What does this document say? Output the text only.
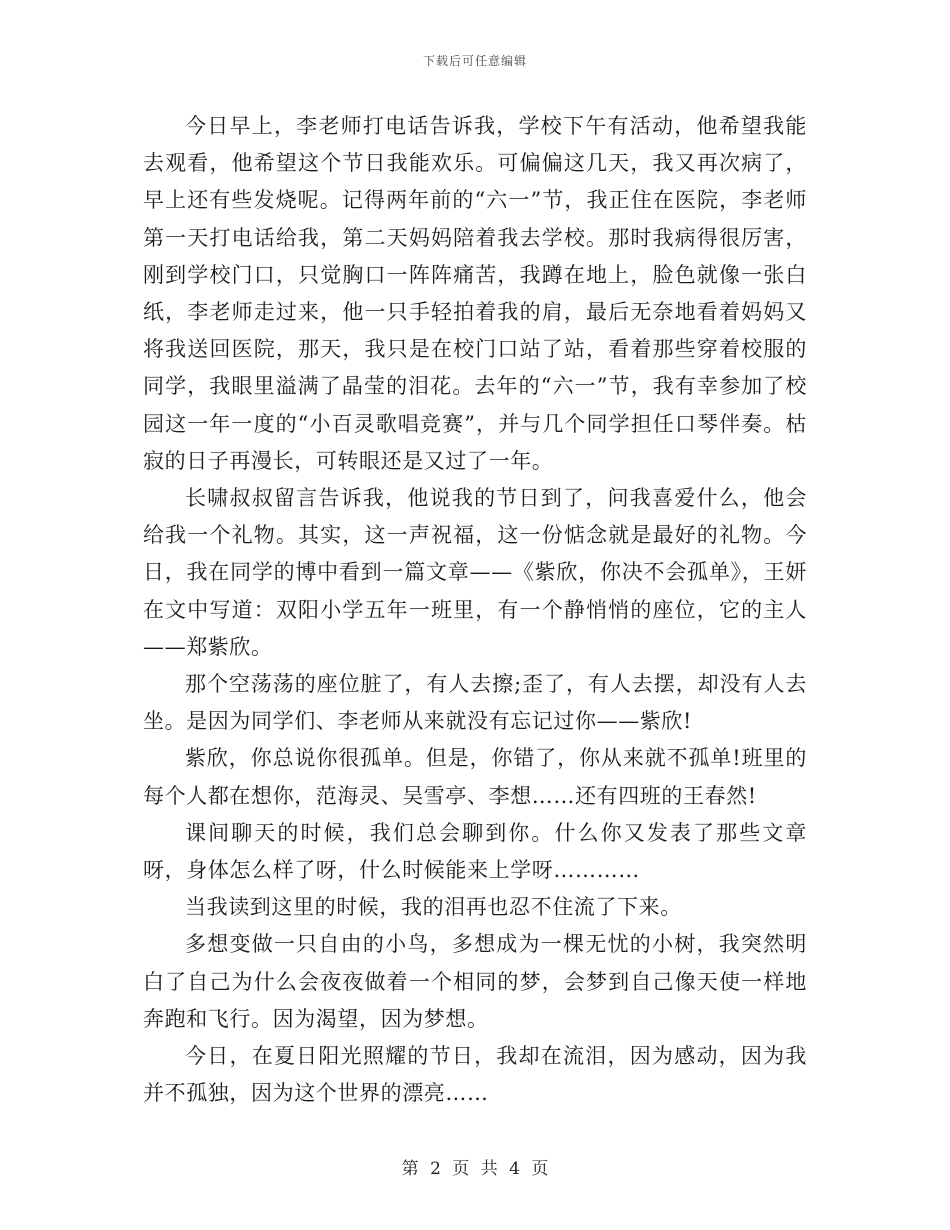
下载后可任意编辑

今日早上，李老师打电话告诉我，学校下午有活动，他希望我能去观看，他希望这个节日我能欢乐。可偏偏这几天，我又再次病了，早上还有些发烧呢。记得两年前的“六一”节，我正住在医院，李老师第一天打电话给我，第二天妈妈陪着我去学校。那时我病得很厉害，刚到学校门口，只觉胸口一阵阵痛苦，我蹲在地上，脸色就像一张白纸，李老师走过来，他一只手轻拍着我的肩，最后无奈地看着妈妈又将我送回医院，那天，我只是在校门口站了站，看着那些穿着校服的同学，我眼里溢满了晶莹的泪花。去年的“六一”节，我有幸参加了校园这一年一度的“小百灵歌唱竞赛”，并与几个同学担任口琴伴奏。枯寂的日子再漫长，可转眼还是又过了一年。

长啸叔叔留言告诉我，他说我的节日到了，问我喜爱什么，他会给我一个礼物。其实，这一声祝福，这一份惦念就是最好的礼物。今日，我在同学的博中看到一篇文章——《紫欣，你决不会孤单》，王妍在文中写道：双阳小学五年一班里，有一个静悄悄的座位，它的主人——郑紫欣。

那个空荡荡的座位脏了，有人去擦;歪了，有人去摆，却没有人去坐。是因为同学们、李老师从来就没有忘记过你——紫欣!

紫欣，你总说你很孤单。但是，你错了，你从来就不孤单!班里的每个人都在想你，范海灵、吴雪亭、李想……还有四班的王春然!

课间聊天的时候，我们总会聊到你。什么你又发表了那些文章呀，身体怎么样了呀，什么时候能来上学呀…………

当我读到这里的时候，我的泪再也忍不住流了下来。

多想变做一只自由的小鸟，多想成为一棵无忧的小树，我突然明白了自己为什么会夜夜做着一个相同的梦，会梦到自己像天使一样地奔跑和飞行。因为渴望，因为梦想。

今日，在夏日阳光照耀的节日，我却在流泪，因为感动，因为我并不孤独，因为这个世界的漂亮……

第 2 页 共 4 页
